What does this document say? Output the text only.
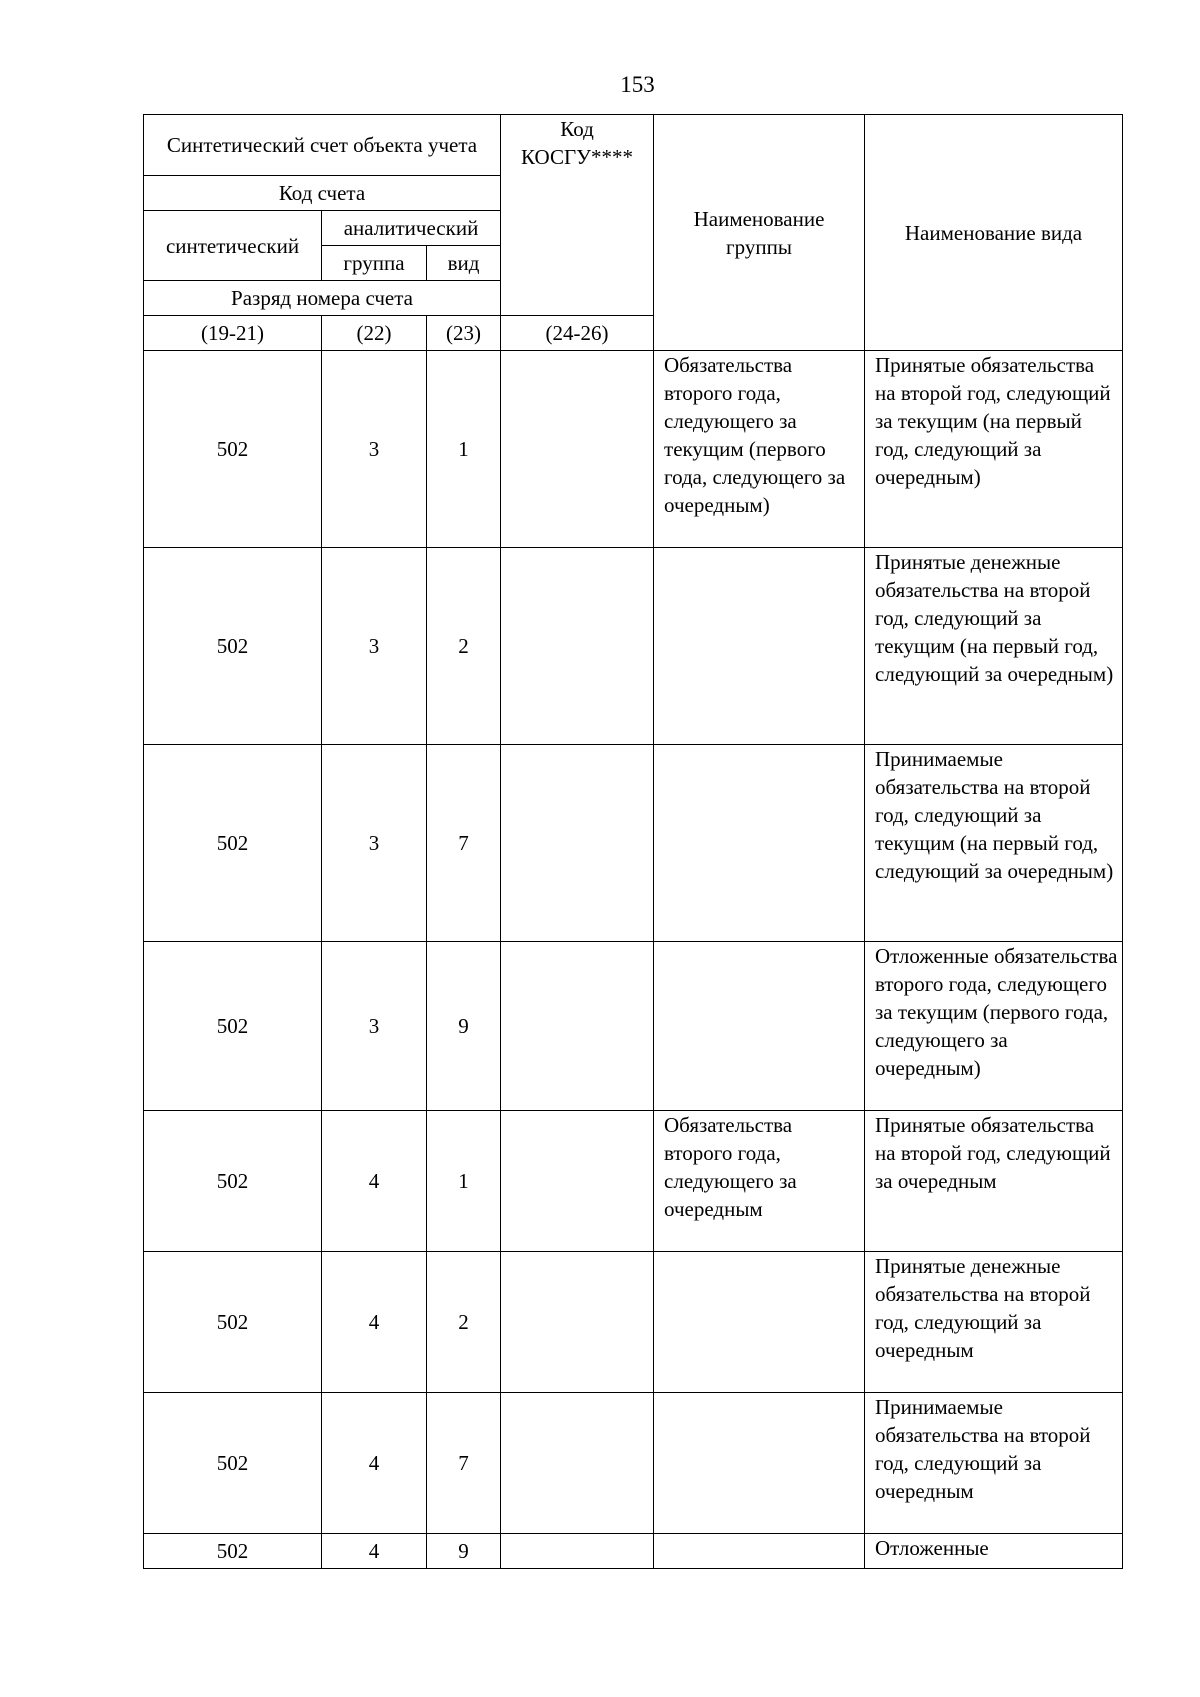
153
Синтетический счет объекта учета			Код КОСГУ****	Наименование группы	Наименование вида
Код счета					
синтетический	аналитический				
	группа	вид			
Разряд номера счета					
(19-21)	(22)	(23)	(24-26)		
502	3	1		Обязательства второго года, следующего за текущим (первого года, следующего за очередным)	Принятые обязательства на второй год, следующий за текущим (на первый год, следующий за очередным)
502	3	2			Принятые денежные обязательства на второй год, следующий за текущим (на первый год, следующий за очередным)
502	3	7			Принимаемые обязательства на второй год, следующий за текущим (на первый год, следующий за очередным)
502	3	9			Отложенные обязательства второго года, следующего за текущим (первого года, следующего за очередным)
502	4	1		Обязательства второго года, следующего за очередным	Принятые обязательства на второй год, следующий за очередным
502	4	2			Принятые денежные обязательства на второй год, следующий за очередным
502	4	7			Принимаемые обязательства на второй год, следующий за очередным
502	4	9			Отложенные
